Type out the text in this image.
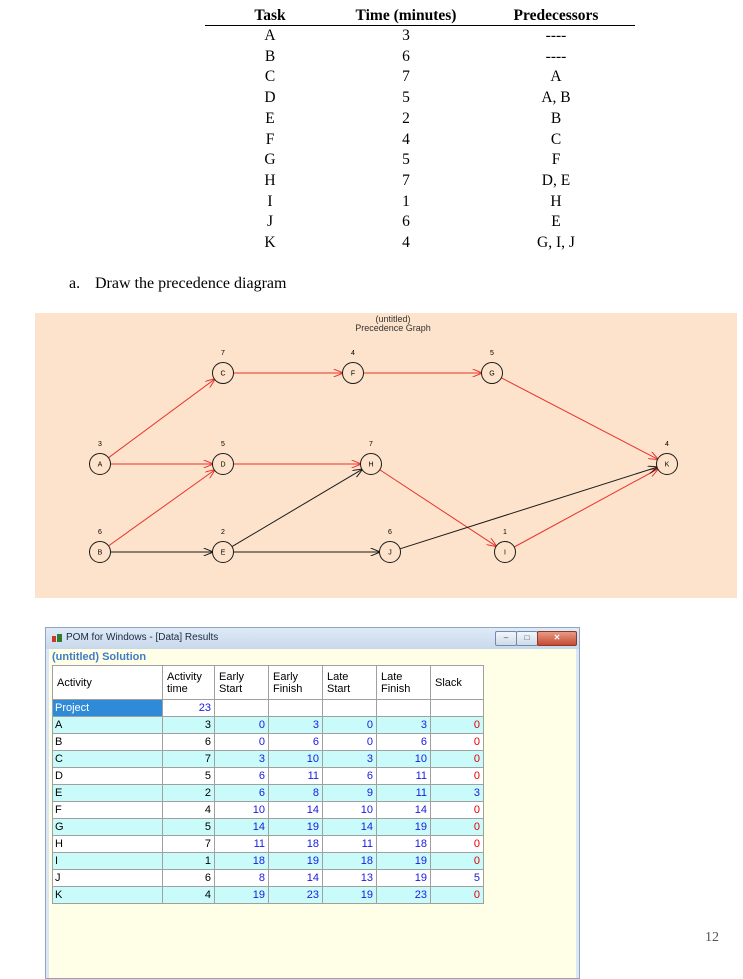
Task	Time (minutes)	Predecessors
A	3	----
B	6	----
C	7	A
D	5	A, B
E	2	B
F	4	C
G	5	F
H	7	D, E
I	1	H
J	6	E
K	4	G, I, J
a. Draw the precedence diagram
(untitled)
Precedence Graph
A
3
B
6
C
7
D
5
E
2
F
4
G
5
H
7
I
1
J
6
K
4
POM for Windows - [Data] Results	–	□	✕
(untitled) Solution
Activity	Activity time	Early Start	Early Finish	Late Start	Late Finish	Slack
Project	23					
A	3	0	3	0	3	0
B	6	0	6	0	6	0
C	7	3	10	3	10	0
D	5	6	11	6	11	0
E	2	6	8	9	11	3
F	4	10	14	10	14	0
G	5	14	19	14	19	0
H	7	11	18	11	18	0
I	1	18	19	18	19	0
J	6	8	14	13	19	5
K	4	19	23	19	23	0
12
